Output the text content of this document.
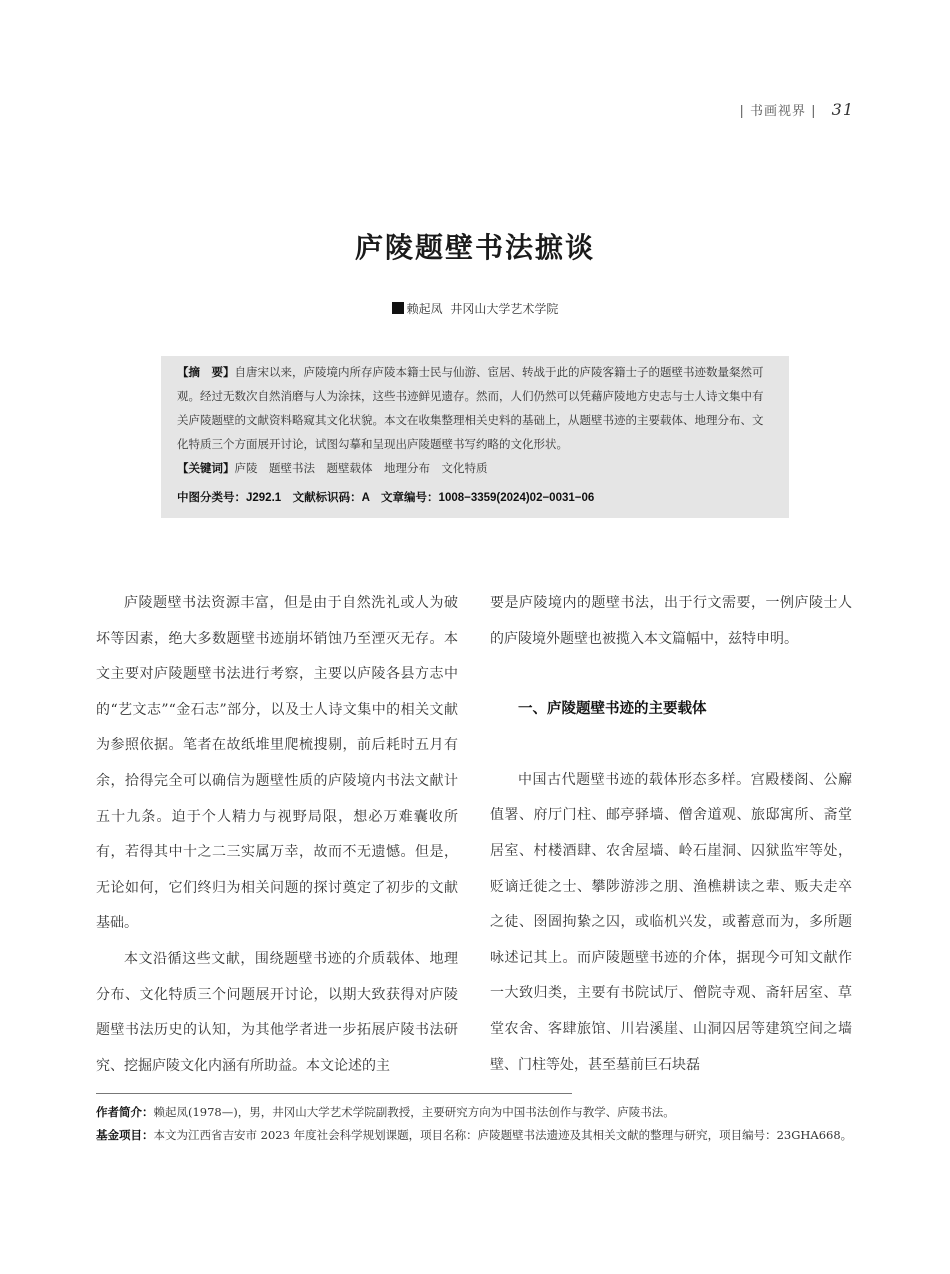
| 书画视界 | 31
庐陵题壁书法摭谈
赖起凤 井冈山大学艺术学院
【摘　要】自唐宋以来，庐陵境内所存庐陵本籍士民与仙游、宦居、转战于此的庐陵客籍士子的题壁书迹数量粲然可观。经过无数次自然消磨与人为涂抹，这些书迹鲜见遗存。然而，人们仍然可以凭藉庐陵地方史志与士人诗文集中有关庐陵题壁的文献资料略窥其文化状貌。本文在收集整理相关史料的基础上，从题壁书迹的主要载体、地理分布、文化特质三个方面展开讨论，试图勾摹和呈现出庐陵题壁书写约略的文化形状。
【关键词】庐陵　题壁书法　题壁载体　地理分布　文化特质
中图分类号：J292.1　文献标识码：A　文章编号：1008−3359(2024)02−0031−06

庐陵题壁书法资源丰富，但是由于自然洗礼或人为破坏等因素，绝大多数题壁书迹崩坏销蚀乃至湮灭无存。本文主要对庐陵题壁书法进行考察，主要以庐陵各县方志中的“艺文志”“金石志”部分，以及士人诗文集中的相关文献为参照依据。笔者在故纸堆里爬梳搜剔，前后耗时五月有余，拾得完全可以确信为题壁性质的庐陵境内书法文献计五十九条。迫于个人精力与视野局限，想必万难囊收所有，若得其中十之二三实属万幸，故而不无遗憾。但是，无论如何，它们终归为相关问题的探讨奠定了初步的文献基础。

本文沿循这些文献，围绕题壁书迹的介质载体、地理分布、文化特质三个问题展开讨论，以期大致获得对庐陵题壁书法历史的认知，为其他学者进一步拓展庐陵书法研究、挖掘庐陵文化内涵有所助益。本文论述的主

要是庐陵境内的题壁书法，出于行文需要，一例庐陵士人的庐陵境外题壁也被揽入本文篇幅中，兹特申明。

一、庐陵题壁书迹的主要载体

中国古代题壁书迹的载体形态多样。宫殿楼阁、公廨值署、府厅门柱、邮亭驿墙、僧舍道观、旅邸寓所、斋堂居室、村楼酒肆、农舍屋墙、岭石崖洞、囚狱监牢等处，贬谪迁徙之士、攀陟游涉之朋、渔樵耕读之辈、贩夫走卒之徒、囹圄拘絷之囚，或临机兴发，或蓄意而为，多所题咏述记其上。而庐陵题壁书迹的介体，据现今可知文献作一大致归类，主要有书院试厅、僧院寺观、斋轩居室、草堂农舍、客肆旅馆、川岩溪崖、山洞囚居等建筑空间之墙壁、门柱等处，甚至墓前巨石块磊

作者简介：赖起凤(1978—)，男，井冈山大学艺术学院副教授，主要研究方向为中国书法创作与教学、庐陵书法。
基金项目：本文为江西省吉安市 2023 年度社会科学规划课题，项目名称：庐陵题壁书法遗迹及其相关文献的整理与研究，项目编号：23GHA668。
